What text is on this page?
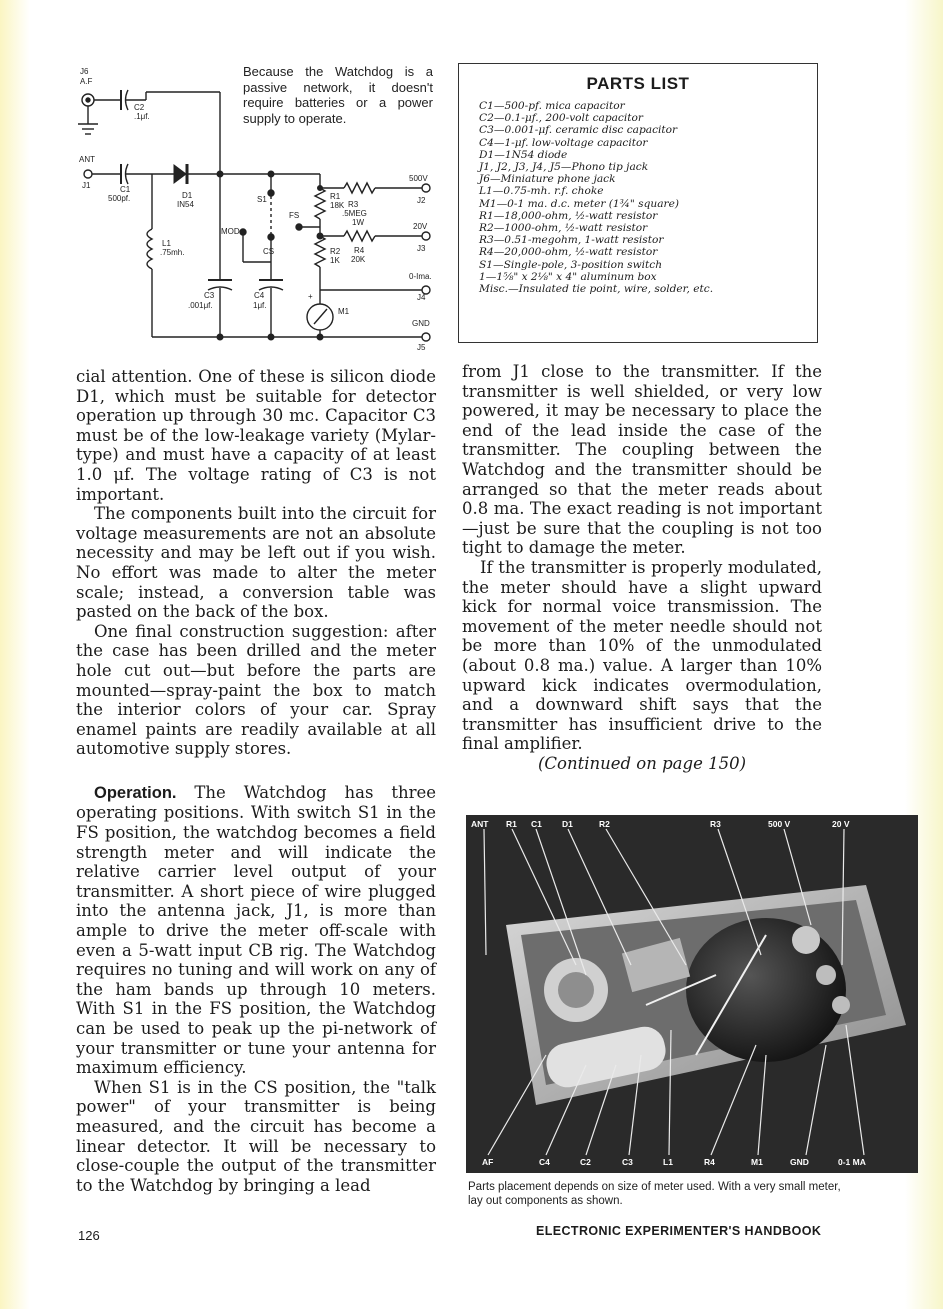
J6
A.F
C2
.1μf.
ANT
J1	C1
500pf.	D1
IN54
S1
MOD
FS
CS
L1
.75mh.
C3
.001μf.
C4
1μf.
R1
18K R3
.5MEG
1W
R2
1K
R4
20K
M1
+
500V
J2
20V
J3
0-Ima.
J4
GND
J5
Because the Watchdog is a passive network, it doesn't require batteries or a power supply to operate.
PARTS LIST
C1—500-pf. mica capacitor
C2—0.1-μf., 200-volt capacitor
C3—0.001-μf. ceramic disc capacitor
C4—1-μf. low-voltage capacitor
D1—1N54 diode
J1, J2, J3, J4, J5—Phono tip jack
J6—Miniature phone jack
L1—0.75-mh. r.f. choke
M1—0-1 ma. d.c. meter (1¾" square)
R1—18,000-ohm, ½-watt resistor
R2—1000-ohm, ½-watt resistor
R3—0.51-megohm, 1-watt resistor
R4—20,000-ohm, ½-watt resistor
S1—Single-pole, 3-position switch
1—1⅝" x 2⅛" x 4" aluminum box
Misc.—Insulated tie point, wire, solder, etc.

cial attention. One of these is silicon diode D1, which must be suitable for detector operation up through 30 mc. Capacitor C3 must be of the low-leakage variety (Mylar-type) and must have a capacity of at least 1.0 μf. The voltage rating of C3 is not important.

The components built into the circuit for voltage measurements are not an absolute necessity and may be left out if you wish. No effort was made to alter the meter scale; instead, a conversion table was pasted on the back of the box.

One final construction suggestion: after the case has been drilled and the meter hole cut out—but before the parts are mounted—spray-paint the box to match the interior colors of your car. Spray enamel paints are readily available at all automotive supply stores.

Operation. The Watchdog has three operating positions. With switch S1 in the FS position, the watchdog becomes a field strength meter and will indicate the relative carrier level output of your transmitter. A short piece of wire plugged into the antenna jack, J1, is more than ample to drive the meter off-scale with even a 5-watt input CB rig. The Watchdog requires no tuning and will work on any of the ham bands up through 10 meters. With S1 in the FS position, the Watchdog can be used to peak up the pi-network of your transmitter or tune your antenna for maximum efficiency.

When S1 is in the CS position, the "talk power" of your transmitter is being measured, and the circuit has become a linear detector. It will be necessary to close-couple the output of the transmitter to the Watchdog by bringing a lead

from J1 close to the transmitter. If the transmitter is well shielded, or very low powered, it may be necessary to place the end of the lead inside the case of the transmitter. The coupling between the Watchdog and the transmitter should be arranged so that the meter reads about 0.8 ma. The exact reading is not important—just be sure that the coupling is not too tight to damage the meter.

If the transmitter is properly modulated, the meter should have a slight upward kick for normal voice transmission. The movement of the meter needle should not be more than 10% of the unmodulated (about 0.8 ma.) value. A larger than 10% upward kick indicates overmodulation, and a downward shift says that the transmitter has insufficient drive to the final amplifier.

(Continued on page 150)

ANT R1 C1 D1	R2	R3	500 V	20 V
AF	C4	C2	C3	L1	R4	M1	GND	0-1 MA
Parts placement depends on size of meter used. With a very small meter, lay out components as shown.
126	ELECTRONIC EXPERIMENTER'S HANDBOOK
